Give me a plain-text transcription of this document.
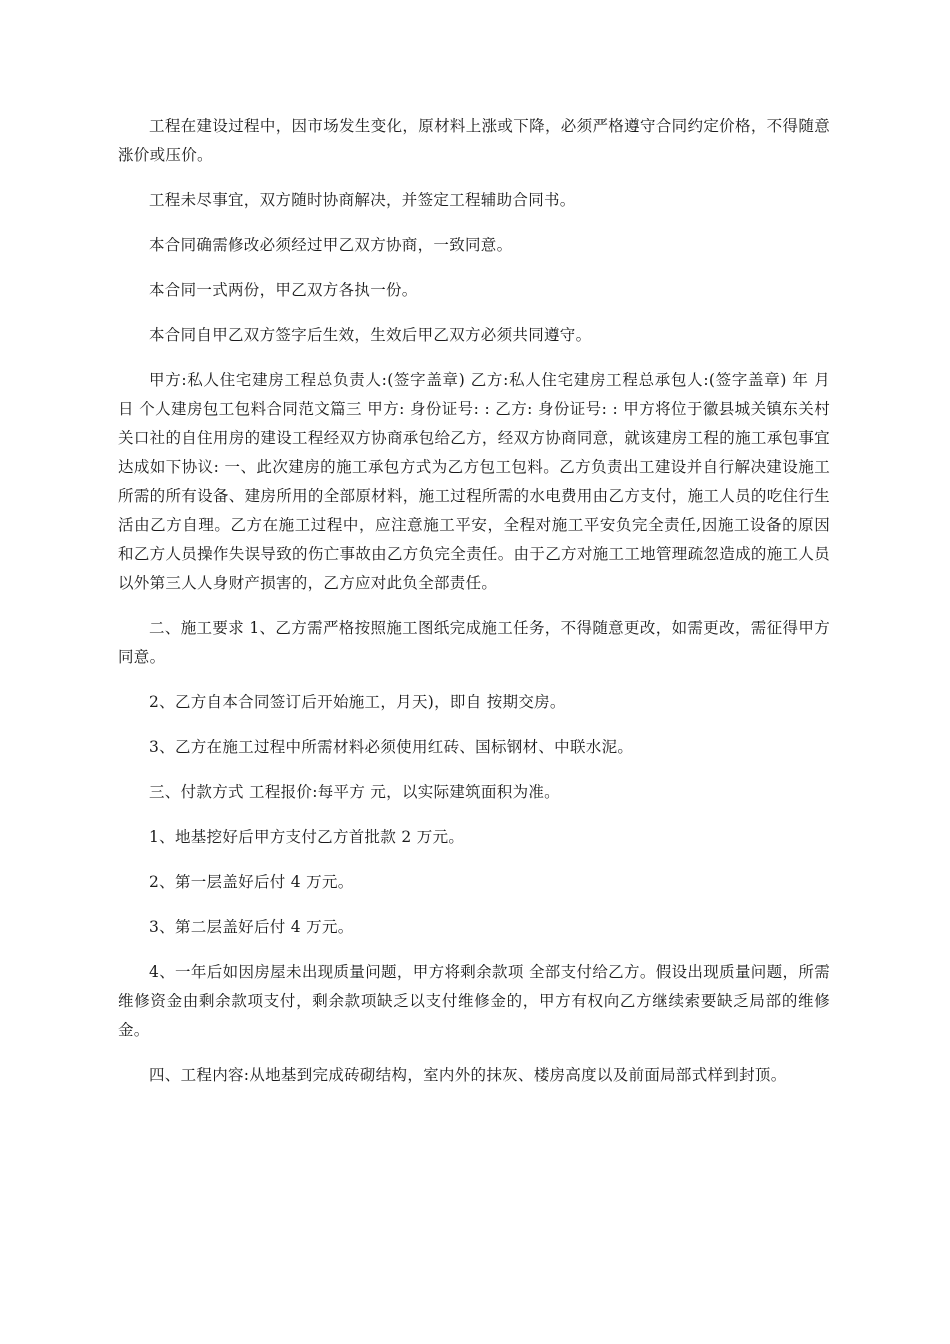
工程在建设过程中，因市场发生变化，原材料上涨或下降，必须严格遵守合同约定价格，不得随意涨价或压价。

工程未尽事宜，双方随时协商解决，并签定工程辅助合同书。

本合同确需修改必须经过甲乙双方协商，一致同意。

本合同一式两份，甲乙双方各执一份。

本合同自甲乙双方签字后生效，生效后甲乙双方必须共同遵守。

甲方:私人住宅建房工程总负责人:(签字盖章) 乙方:私人住宅建房工程总承包人:(签字盖章) 年 月 日 个人建房包工包料合同范文篇三 甲方: 身份证号: : 乙方: 身份证号: : 甲方将位于徽县城关镇东关村关口社的自住用房的建设工程经双方协商承包给乙方，经双方协商同意，就该建房工程的施工承包事宜达成如下协议: 一、此次建房的施工承包方式为乙方包工包料。乙方负责出工建设并自行解决建设施工所需的所有设备、建房所用的全部原材料，施工过程所需的水电费用由乙方支付，施工人员的吃住行生活由乙方自理。乙方在施工过程中，应注意施工平安，全程对施工平安负完全责任,因施工设备的原因和乙方人员操作失误导致的伤亡事故由乙方负完全责任。由于乙方对施工工地管理疏忽造成的施工人员以外第三人人身财产损害的，乙方应对此负全部责任。

二、施工要求 1、乙方需严格按照施工图纸完成施工任务，不得随意更改，如需更改，需征得甲方同意。

2、乙方自本合同签订后开始施工，月天)，即自 按期交房。

3、乙方在施工过程中所需材料必须使用红砖、国标钢材、中联水泥。

三、付款方式 工程报价:每平方 元，以实际建筑面积为准。

1、地基挖好后甲方支付乙方首批款 2 万元。

2、第一层盖好后付 4 万元。

3、第二层盖好后付 4 万元。

4、一年后如因房屋未出现质量问题，甲方将剩余款项 全部支付给乙方。假设出现质量问题，所需维修资金由剩余款项支付，剩余款项缺乏以支付维修金的，甲方有权向乙方继续索要缺乏局部的维修金。

四、工程内容:从地基到完成砖砌结构，室内外的抹灰、楼房高度以及前面局部式样到封顶。
